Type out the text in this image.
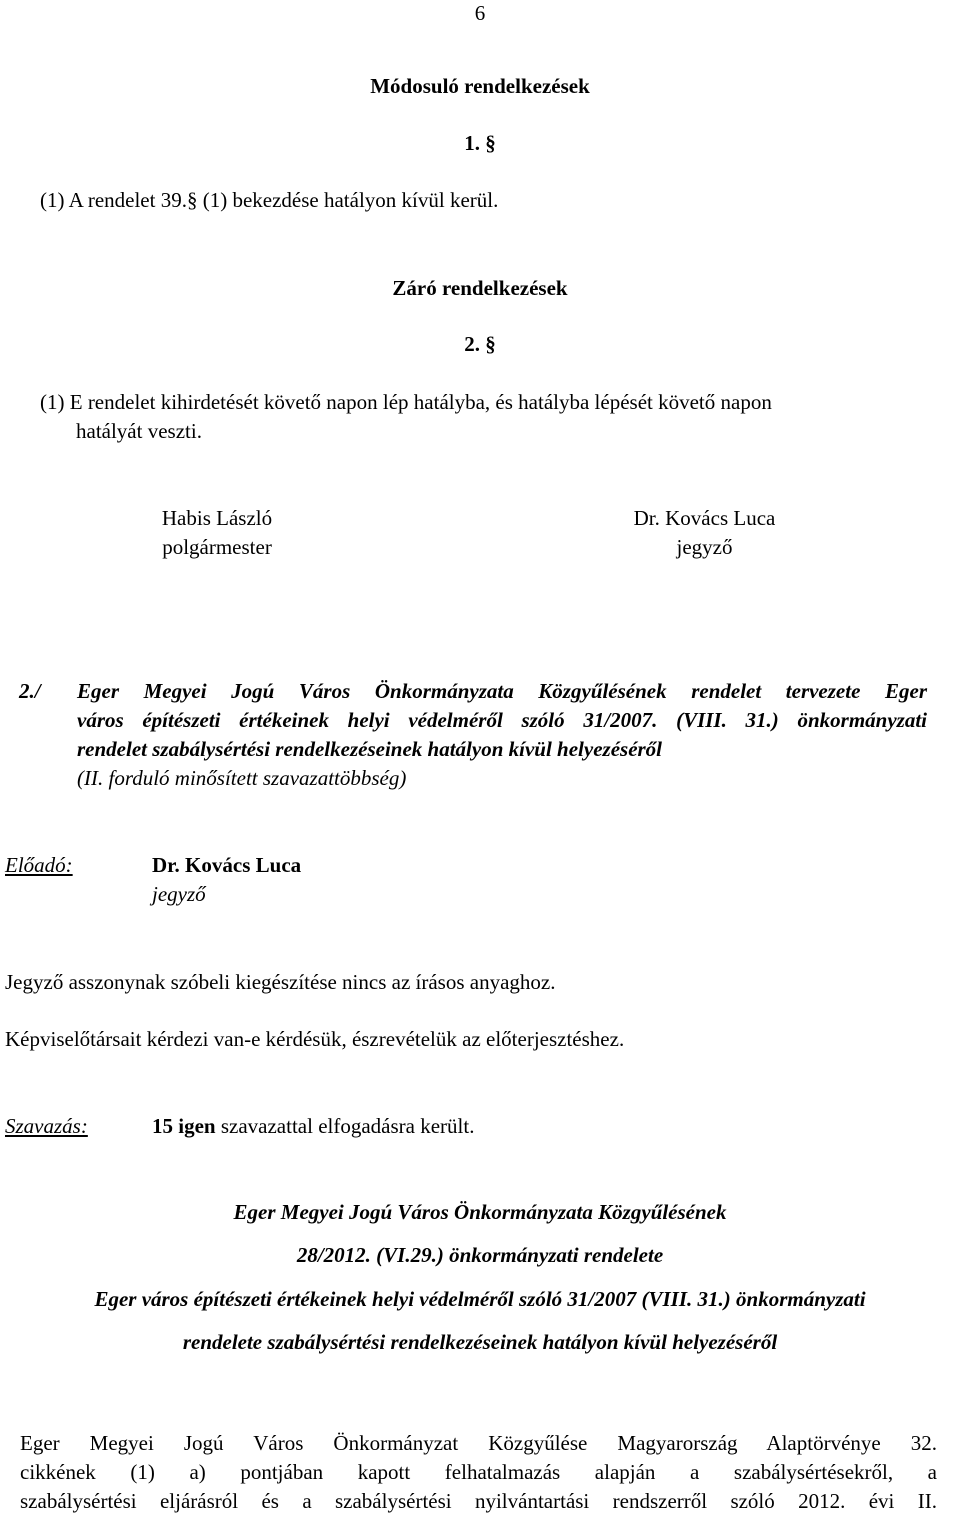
6
Módosuló rendelkezések
1. §
(1) A rendelet 39.§ (1) bekezdése hatályon kívül kerül.
Záró rendelkezések
2. §
(1) E rendelet kihirdetését követő napon lép hatályba, és hatályba lépését követő napon
hatályát veszti.
Habis László
polgármester
Dr. Kovács Luca
jegyző
2./ Eger Megyei Jogú Város Önkormányzata Közgyűlésének rendelet tervezete Eger
város építészeti értékeinek helyi védelméről szóló 31/2007. (VIII. 31.) önkormányzati
rendelet szabálysértési rendelkezéseinek hatályon kívül helyezéséről
(II. forduló minősített szavazattöbbség)
Előadó:	Dr. Kovács Luca
jegyző
Jegyző asszonynak szóbeli kiegészítése nincs az írásos anyaghoz.
Képviselőtársait kérdezi van-e kérdésük, észrevételük az előterjesztéshez.
Szavazás:	15 igen szavazattal elfogadásra került.
Eger Megyei Jogú Város Önkormányzata Közgyűlésének
28/2012. (VI.29.) önkormányzati rendelete
Eger város építészeti értékeinek helyi védelméről szóló 31/2007 (VIII. 31.) önkormányzati
rendelete szabálysértési rendelkezéseinek hatályon kívül helyezéséről
Eger Megyei Jogú Város Önkormányzat Közgyűlése Magyarország Alaptörvénye 32.
cikkének (1) a) pontjában kapott felhatalmazás alapján a szabálysértésekről, a
szabálysértési eljárásról és a szabálysértési nyilvántartási rendszerről szóló 2012. évi II.
